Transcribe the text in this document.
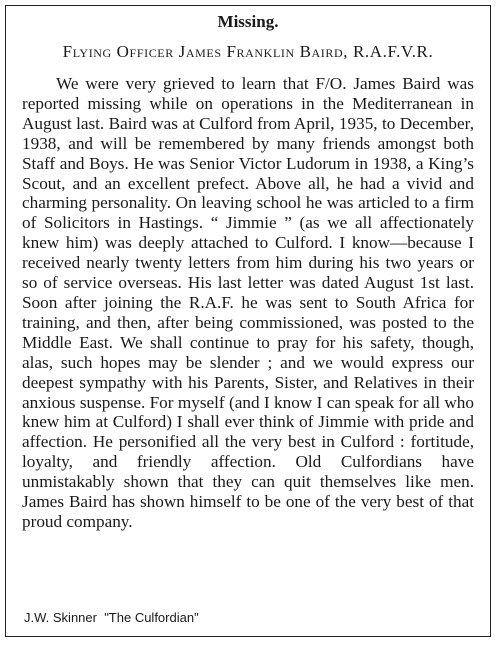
Missing.
Flying Officer James Franklin Baird, R.A.F.V.R.

We were very grieved to learn that F/O. James Baird was reported missing while on operations in the Mediterranean in August last. Baird was at Culford from April, 1935, to December, 1938, and will be remembered by many friends amongst both Staff and Boys. He was Senior Victor Ludorum in 1938, a King’s Scout, and an excellent prefect. Above all, he had a vivid and charming personality. On leaving school he was articled to a firm of Solicitors in Hastings. “ Jimmie ” (as we all affectionately knew him) was deeply attached to Culford. I know—because I received nearly twenty letters from him during his two years or so of service overseas. His last letter was dated August 1st last. Soon after joining the R.A.F. he was sent to South Africa for training, and then, after being commissioned, was posted to the Middle East. We shall continue to pray for his safety, though, alas, such hopes may be slender ; and we would express our deepest sympathy with his Parents, Sister, and Relatives in their anxious suspense. For myself (and I know I can speak for all who knew him at Culford) I shall ever think of Jimmie with pride and affection. He personified all the very best in Culford : fortitude, loyalty, and friendly affection. Old Culfordians have unmistakably shown that they can quit themselves like men. James Baird has shown himself to be one of the very best of that proud company.

J.W. Skinner  "The Culfordian"
